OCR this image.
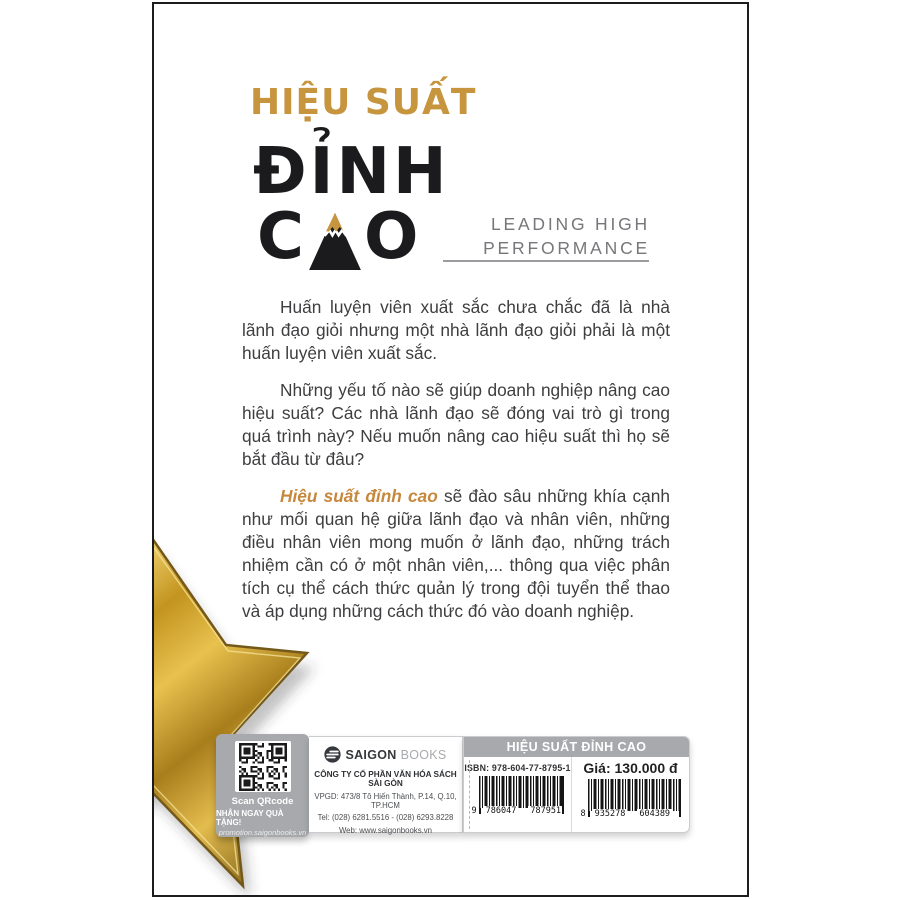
HIỆU SUẤT
ĐỈNH
C O	LEADING HIGH
PERFORMANCE

Huấn luyện viên xuất sắc chưa chắc đã là nhà lãnh đạo giỏi nhưng một nhà lãnh đạo giỏi phải là một huấn luyện viên xuất sắc.

Những yếu tố nào sẽ giúp doanh nghiệp nâng cao hiệu suất? Các nhà lãnh đạo sẽ đóng vai trò gì trong quá trình này? Nếu muốn nâng cao hiệu suất thì họ sẽ bắt đầu từ đâu?

Hiệu suất đỉnh cao sẽ đào sâu những khía cạnh như mối quan hệ giữa lãnh đạo và nhân viên, những điều nhân viên mong muốn ở lãnh đạo, những trách nhiệm cần có ở một nhân viên,... thông qua việc phân tích cụ thể cách thức quản lý trong đội tuyển thể thao và áp dụng những cách thức đó vào doanh nghiệp.

Scan QRcode
NHẬN NGAY QUÀ TẶNG!
promotion.saigonbooks.vn
SAIGON BOOKS
CÔNG TY CỔ PHẦN VĂN HÓA SÁCH SÀI GÒN
VPGD: 473/8 Tô Hiến Thành, P.14, Q.10, TP.HCM
Tel: (028) 6281.5516 - (028) 6293.8228
Web: www.saigonbooks.vn
HIỆU SUẤT ĐỈNH CAO
ISBN: 978-604-77-8795-1
9 786047 787951
Giá: 130.000 đ
8 935278 604389
